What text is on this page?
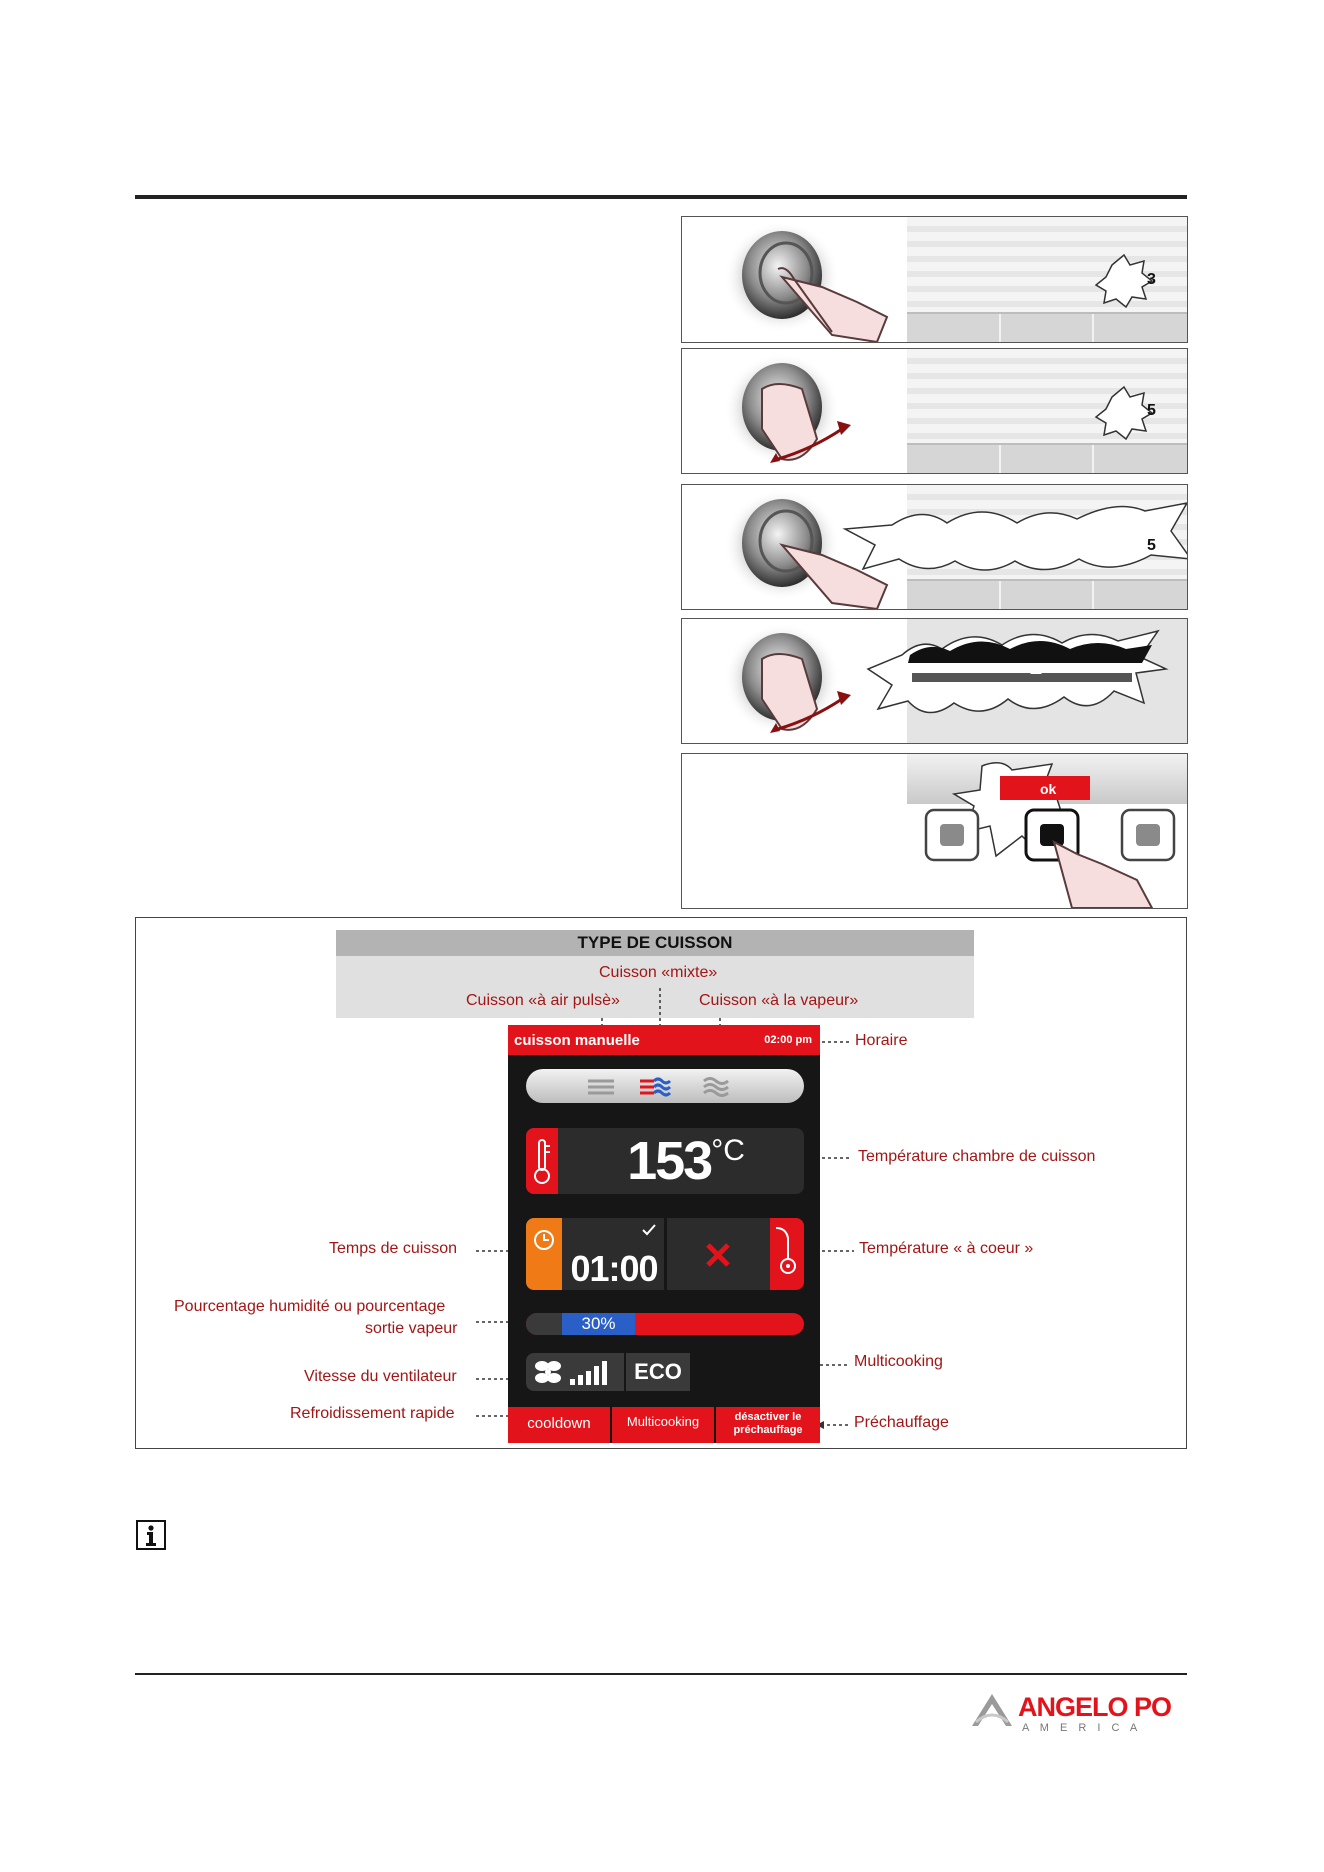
3
5
5
ok
TYPE DE CUISSON
Cuisson «mixte»
Cuisson «à air pulsè»	Cuisson «à la vapeur»
Horaire
Température chambre de cuisson
Temps de cuisson	Température « à coeur »
Pourcentage humidité ou pourcentage
sortie vapeur
Multicooking
Vitesse du ventilateur
Refroidissement rapide
Préchauffage
cuisson manuelle	02:00 pm
$153^{^\circ C}$
01:00
30%
ECO
cooldown	Multicooking	désactiver le
préchauffage
ANGELO PO
A M E R I C A
